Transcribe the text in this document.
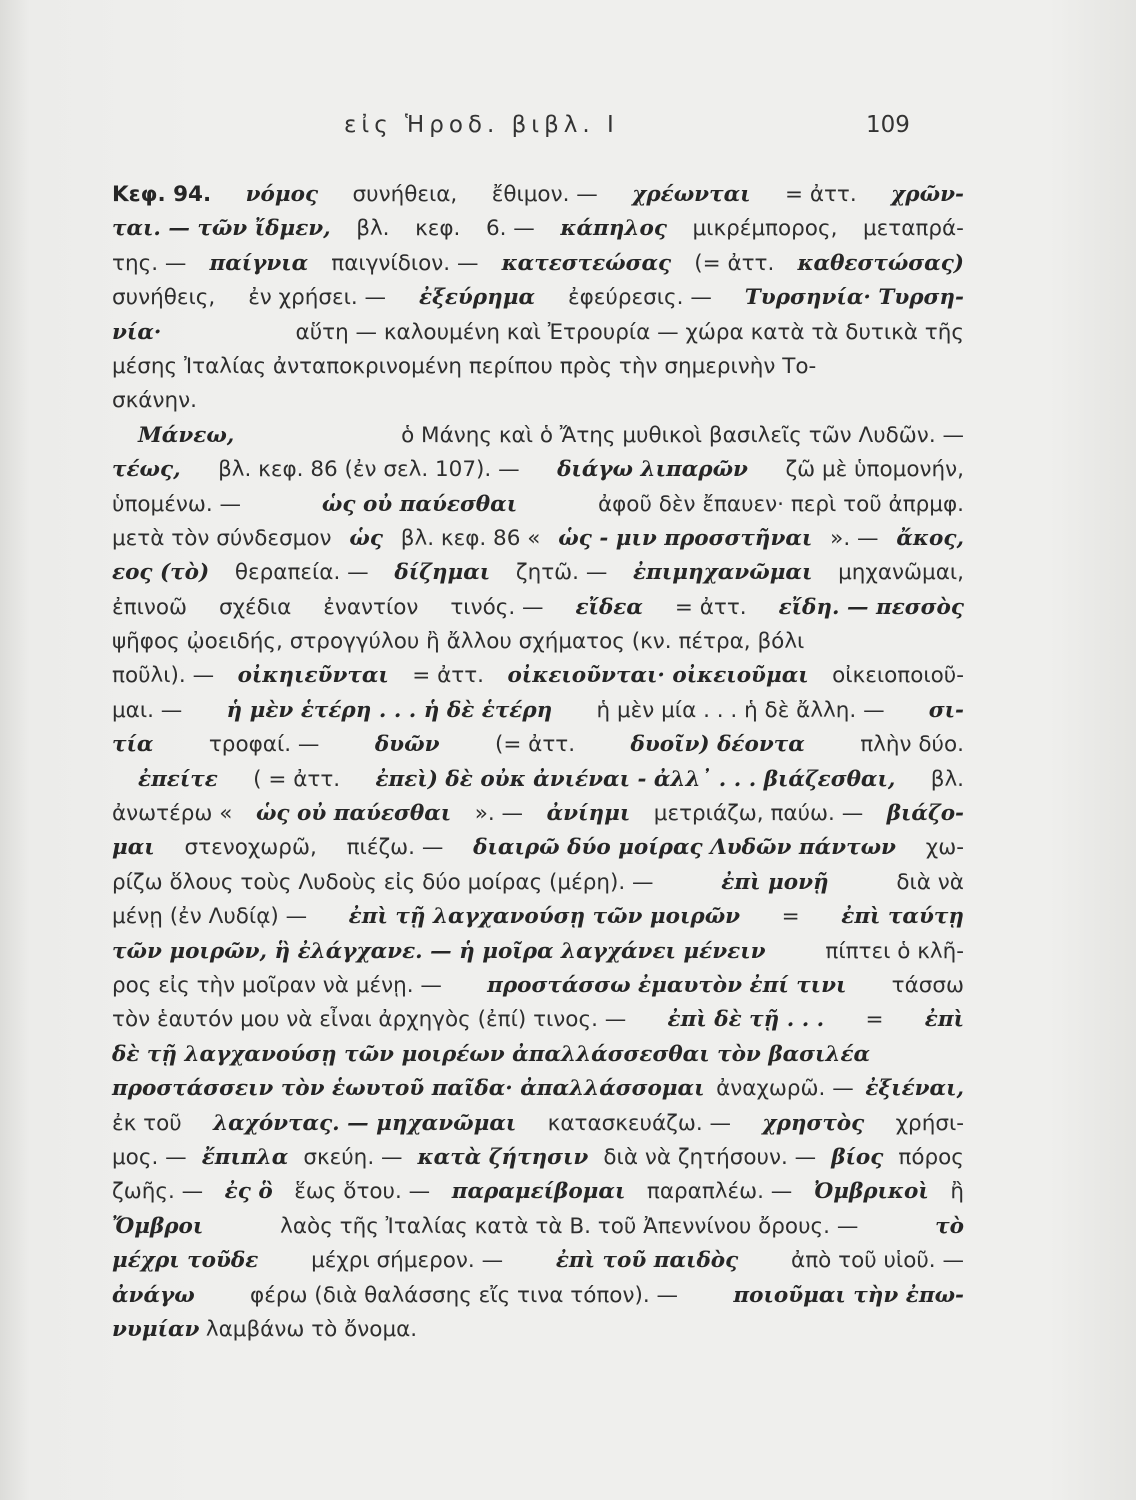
εἰς Ἡροδ. βιβλ. Ι	109
Κεφ. 94. νόμος συνήθεια, ἔθιμον. — χρέωνται = ἀττ. χρῶν-
ται. — τῶν ἴδμεν, βλ. κεφ. 6. — κάπηλος μικρέμπορος, μεταπρά-
της. — παίγνια παιγνίδιον. — κατεστεώσας (= ἀττ. καθεστώσας)
συνήθεις, ἐν χρήσει. — ἐξεύρημα ἐφεύρεσις. — Τυρσηνία· Τυρση-
νία·	αὕτη — καλουμένη καὶ Ἐτρουρία — χώρα κατὰ τὰ δυτικὰ τῆς
μέσης Ἰταλίας ἀνταποκρινομένη περίπου πρὸς τὴν σημερινὴν Το-
σκάνην.
Μάνεω,	ὁ Μάνης καὶ ὁ Ἄτης μυθικοὶ βασιλεῖς τῶν Λυδῶν. —
τέως, βλ. κεφ. 86 (ἐν σελ. 107). — διάγω λιπαρῶν ζῶ μὲ ὑπομονήν,
ὑπομένω. —	ὡς οὐ παύεσθαι	ἀφοῦ δὲν ἔπαυεν· περὶ τοῦ ἀπρμφ.
μετὰ τὸν σύνδεσμον ὡς βλ. κεφ. 86 « ὡς - μιν προσστῆναι ». — ἄκος,
εος (τὸ) θεραπεία. — δίζημαι ζητῶ. — ἐπιμηχανῶμαι μηχανῶμαι,
ἐπινοῶ σχέδια ἐναντίον τινός. — εἴδεα = ἀττ. εἴδη. — πεσσὸς
ψῆφος ᾠοειδής, στρογγύλου ἢ ἄλλου σχήματος (κν. πέτρα, βόλι
ποῦλι). — οἰκηιεῦνται = ἀττ. οἰκειοῦνται· οἰκειοῦμαι οἰκειοποιοῦ-
μαι. — ἡ μὲν ἑτέρη . . . ἡ δὲ ἑτέρη ἡ μὲν μία . . . ἡ δὲ ἄλλη. — σι-
τία	τροφαί. —	δυῶν	(= ἀττ.	δυοῖν) δέοντα	πλὴν δύο.
ἐπείτε ( = ἀττ. ἐπεὶ) δὲ οὐκ ἀνιέναι - ἀλλ᾽ . . . βιάζεσθαι, βλ.
ἀνωτέρω « ὡς οὐ παύεσθαι ». — ἀνίημι μετριάζω, παύω. — βιάζο-
μαι στενοχωρῶ, πιέζω. — διαιρῶ δύο μοίρας Λυδῶν πάντων χω-
ρίζω ὅλους τοὺς Λυδοὺς εἰς δύο μοίρας (μέρη). —	ἐπὶ μονῇ	διὰ νὰ
μένῃ (ἐν Λυδίᾳ) — ἐπὶ τῇ λαγχανούσῃ τῶν μοιρῶν = ἐπὶ ταύτῃ
τῶν μοιρῶν, ἣ ἐλάγχανε. — ἡ μοῖρα λαγχάνει μένειν	πίπτει ὁ κλῆ-
ρος εἰς τὴν μοῖραν νὰ μένῃ. — προστάσσω ἐμαυτὸν ἐπί τινι τάσσω
τὸν ἑαυτόν μου νὰ εἶναι ἀρχηγὸς (ἐπί) τινος. — ἐπὶ δὲ τῇ . . . = ἐπὶ
δὲ τῇ λαγχανούσῃ τῶν μοιρέων ἀπαλλάσσεσθαι τὸν βασιλέα
προστάσσειν τὸν ἑωυτοῦ παῖδα· ἀπαλλάσσομαι ἀναχωρῶ. — ἐξιέναι,
ἐκ τοῦ λαχόντας. — μηχανῶμαι κατασκευάζω. — χρηστὸς χρήσι-
μος. — ἔπιπλα σκεύη. — κατὰ ζήτησιν διὰ νὰ ζητήσουν. — βίος πόρος
ζωῆς. — ἐς ὃ ἕως ὅτου. — παραμείβομαι παραπλέω. — Ὀμβρικοὶ ἢ
Ὄμβροι	λαὸς τῆς Ἰταλίας κατὰ τὰ Β. τοῦ Ἀπεννίνου ὄρους. —	τὸ
μέχρι τοῦδε μέχρι σήμερον. — ἐπὶ τοῦ παιδὸς ἀπὸ τοῦ υἱοῦ. —
ἀνάγω	φέρω (διὰ θαλάσσης εἴς τινα τόπον). —	ποιοῦμαι τὴν ἐπω-
νυμίαν λαμβάνω τὸ ὄνομα.
